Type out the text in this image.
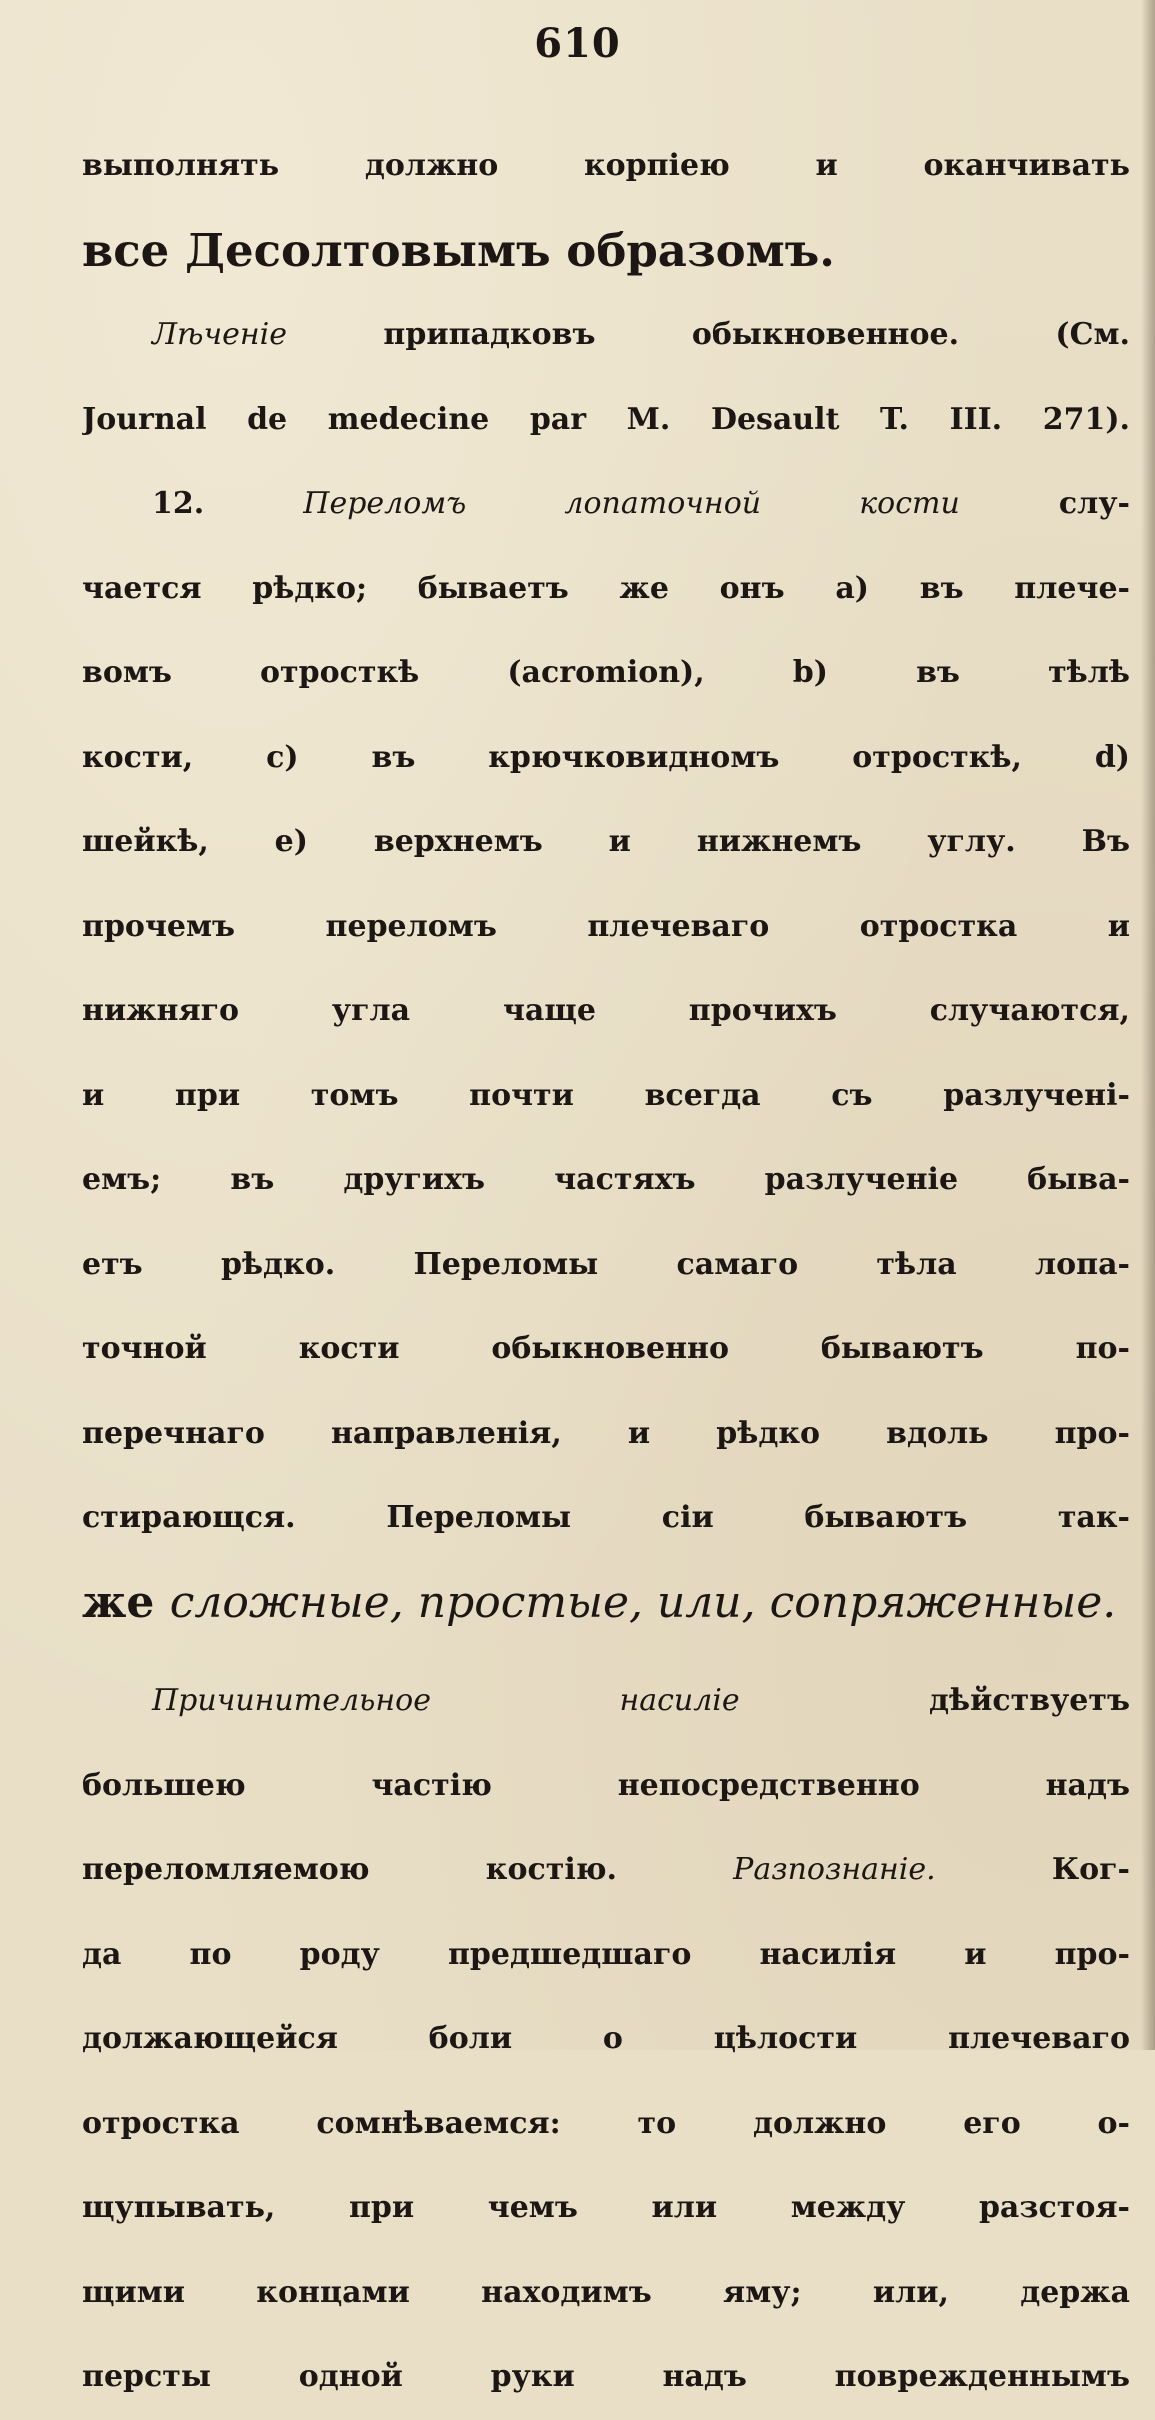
610
выполнять должно корпіею и оканчивать
все Десолтовымъ образомъ.
Лѣченіе припадковъ обыкновенное. (См.
Journal de medecine par M. Desault T. III. 271).
12. Переломъ лопаточной кости слу-
чается рѣдко; бываетъ же онъ a) въ плече-
вомъ отросткѣ (acromion), b) въ тѣлѣ
кости, c) въ крючковидномъ отросткѣ, d)
шейкѣ, e) верхнемъ и нижнемъ углу. Въ
прочемъ переломъ плечеваго отростка и
нижняго угла чаще прочихъ случаются,
и при томъ почти всегда съ разлученi-
емъ; въ другихъ частяхъ разлученіе быва-
етъ рѣдко. Переломы самаго тѣла лопа-
точной кости обыкновенно бываютъ по-
перечнаго направленія, и рѣдко вдоль про-
стирающся. Переломы сіи бываютъ так-
же сложные, простые, или, сопряженные.
Причинительное насиліе дѣйствуетъ
большею частію непосредственно надъ
переломляемою костію. Разпознаніе. Ког-
да по роду предшедшаго насилія и про-
должающейся боли о цѣлости плечеваго
отростка сомнѣваемся: то должно его о-
щупывать, при чемъ или между разстоя-
щими концами находимъ яму; или, держа
персты одной руки надъ поврежденнымъ
